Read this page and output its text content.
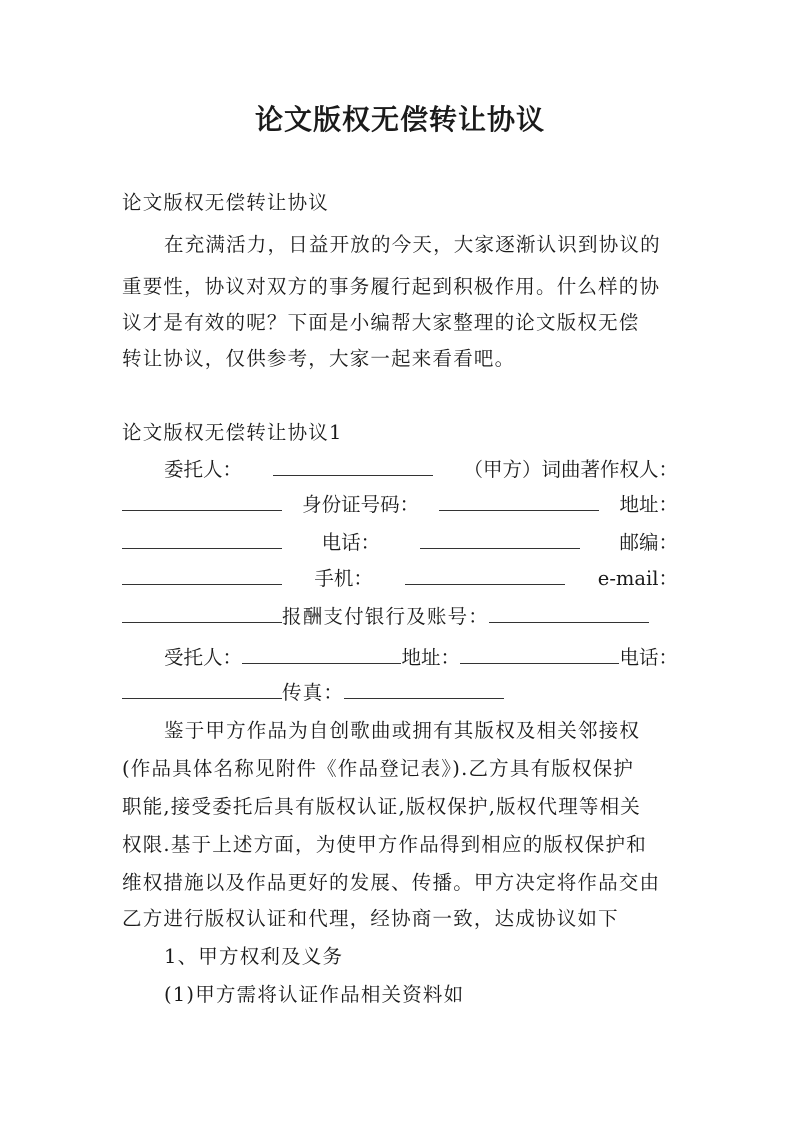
论文版权无偿转让协议
论文版权无偿转让协议
在充满活力，日益开放的今天，大家逐渐认识到协议的
重要性，协议对双方的事务履行起到积极作用。什么样的协
议才是有效的呢？下面是小编帮大家整理的论文版权无偿
转让协议，仅供参考，大家一起来看看吧。
论文版权无偿转让协议1
委托人：	（甲方）词曲著作权人：
身份证号码：	地址：
电话：	邮编：
手机：	e-mail：
报酬支付银行及账号：
受托人：	地址：	电话：
传真：
鉴于甲方作品为自创歌曲或拥有其版权及相关邻接权
(作品具体名称见附件《作品登记表》).乙方具有版权保护
职能,接受委托后具有版权认证,版权保护,版权代理等相关
权限.基于上述方面，为使甲方作品得到相应的版权保护和
维权措施以及作品更好的发展、传播。甲方决定将作品交由
乙方进行版权认证和代理，经协商一致，达成协议如下
1、甲方权利及义务
(1)甲方需将认证作品相关资料如
